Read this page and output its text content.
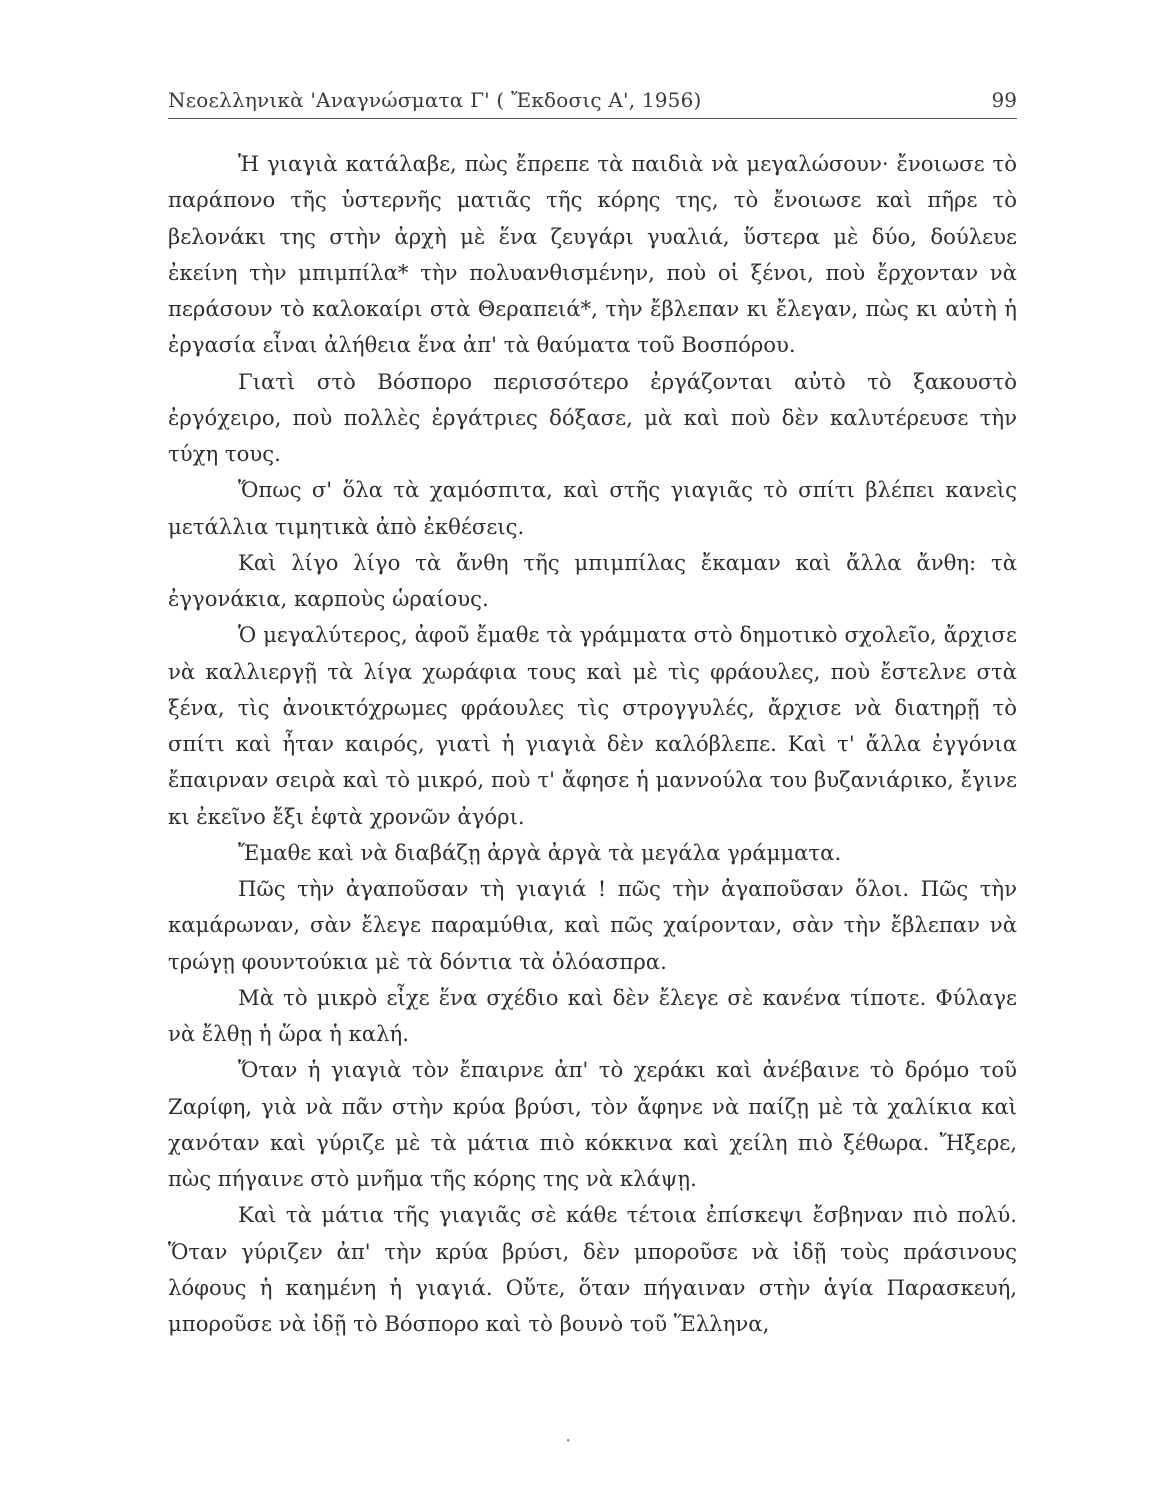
Νεοελληνικὰ 'Αναγνώσματα Γ' ( Ἔκδοσις Α', 1956)	99

Ἡ γιαγιὰ κατάλαβε, πὼς ἔπρεπε τὰ παιδιὰ νὰ μεγαλώσουν· ἔνοιωσε τὸ παράπονο τῆς ὑστερνῆς ματιᾶς τῆς κόρης της, τὸ ἔνοιωσε καὶ πῆρε τὸ βελονάκι της στὴν ἀρχὴ μὲ ἕνα ζευγάρι γυαλιά, ὕστερα μὲ δύο, δούλευε ἐκείνη τὴν μπιμπίλα* τὴν πολυανθισμένην, ποὺ οἱ ξένοι, ποὺ ἔρχονταν νὰ περάσουν τὸ καλοκαίρι στὰ Θεραπειά*, τὴν ἔβλεπαν κι ἔλεγαν, πὼς κι αὐτὴ ἡ ἐργασία εἶναι ἀλήθεια ἕνα ἀπ' τὰ θαύματα τοῦ Βοσπόρου.

Γιατὶ στὸ Βόσπορο περισσότερο ἐργάζονται αὐτὸ τὸ ξακουστὸ ἐργόχειρο, ποὺ πολλὲς ἐργάτριες δόξασε, μὰ καὶ ποὺ δὲν καλυτέρευσε τὴν τύχη τους.

Ὅπως σ' ὅλα τὰ χαμόσπιτα, καὶ στῆς γιαγιᾶς τὸ σπίτι βλέπει κανεὶς μετάλλια τιμητικὰ ἀπὸ ἐκθέσεις.

Καὶ λίγο λίγο τὰ ἄνθη τῆς μπιμπίλας ἔκαμαν καὶ ἄλλα ἄνθη: τὰ ἐγγονάκια, καρποὺς ὡραίους.

Ὁ μεγαλύτερος, ἀφοῦ ἔμαθε τὰ γράμματα στὸ δημοτικὸ σχολεῖο, ἄρχισε νὰ καλλιεργῇ τὰ λίγα χωράφια τους καὶ μὲ τὶς φράουλες, ποὺ ἔστελνε στὰ ξένα, τὶς ἀνοικτόχρωμες φράουλες τὶς στρογγυλές, ἄρχισε νὰ διατηρῇ τὸ σπίτι καὶ ἦταν καιρός, γιατὶ ἡ γιαγιὰ δὲν καλόβλεπε. Καὶ τ' ἄλλα ἐγγόνια ἔπαιρναν σειρὰ καὶ τὸ μικρό, ποὺ τ' ἄφησε ἡ μαννούλα του βυζανιάρικο, ἔγινε κι ἐκεῖνο ἔξι ἑφτὰ χρονῶν ἀγόρι.

Ἔμαθε καὶ νὰ διαβάζῃ ἀργὰ ἀργὰ τὰ μεγάλα γράμματα.

Πῶς τὴν ἀγαποῦσαν τὴ γιαγιά ! πῶς τὴν ἀγαποῦσαν ὅλοι. Πῶς τὴν καμάρωναν, σὰν ἔλεγε παραμύθια, καὶ πῶς χαίρονταν, σὰν τὴν ἔβλεπαν νὰ τρώγῃ φουντούκια μὲ τὰ δόντια τὰ ὁλόασπρα.

Μὰ τὸ μικρὸ εἶχε ἕνα σχέδιο καὶ δὲν ἔλεγε σὲ κανένα τίποτε. Φύλαγε νὰ ἔλθῃ ἡ ὥρα ἡ καλή.

Ὅταν ἡ γιαγιὰ τὸν ἔπαιρνε ἀπ' τὸ χεράκι καὶ ἀνέβαινε τὸ δρόμο τοῦ Ζαρίφη, γιὰ νὰ πᾶν στὴν κρύα βρύσι, τὸν ἄφηνε νὰ παίζῃ μὲ τὰ χαλίκια καὶ χανόταν καὶ γύριζε μὲ τὰ μάτια πιὸ κόκκινα καὶ χείλη πιὸ ξέθωρα. Ἤξερε, πὼς πήγαινε στὸ μνῆμα τῆς κόρης της νὰ κλάψῃ.

Καὶ τὰ μάτια τῆς γιαγιᾶς σὲ κάθε τέτοια ἐπίσκεψι ἔσβηναν πιὸ πολύ. Ὅταν γύριζεν ἀπ' τὴν κρύα βρύσι, δὲν μποροῦσε νὰ ἰδῇ τοὺς πράσινους λόφους ἡ καημένη ἡ γιαγιά. Οὔτε, ὅταν πήγαιναν στὴν ἁγία Παρασκευή, μποροῦσε νὰ ἰδῇ τὸ Βόσπορο καὶ τὸ βουνὸ τοῦ Ἕλληνα,

·
